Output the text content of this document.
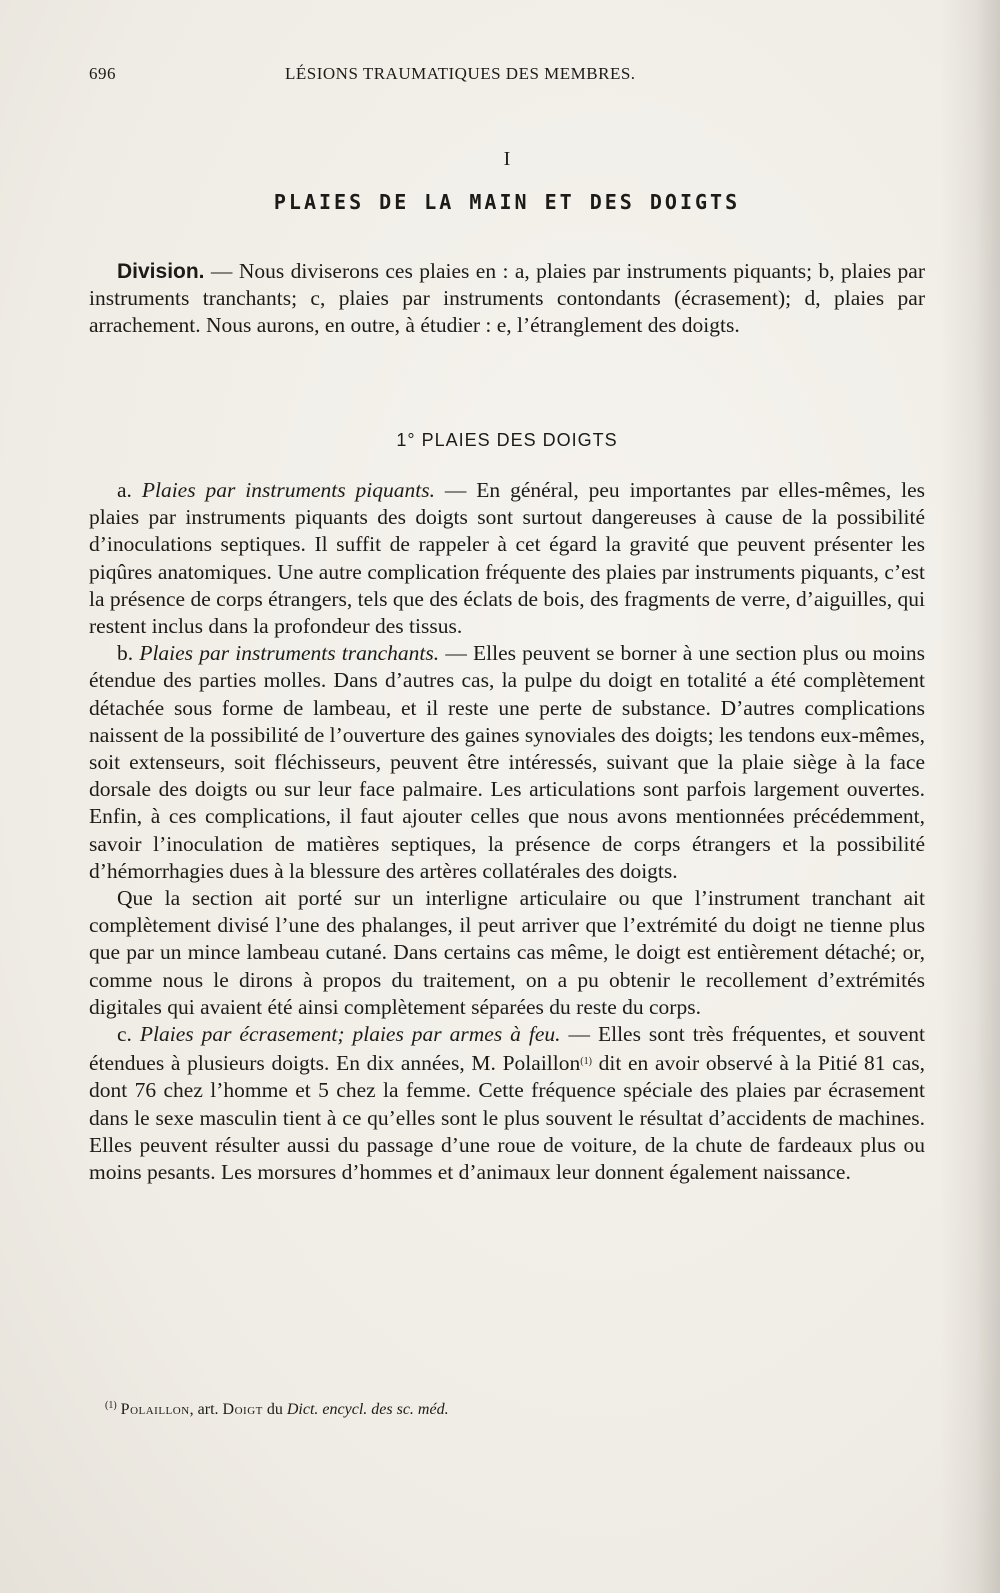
696	LÉSIONS TRAUMATIQUES DES MEMBRES.
I
PLAIES DE LA MAIN ET DES DOIGTS

Division. — Nous diviserons ces plaies en : a, plaies par instruments piquants; b, plaies par instruments tranchants; c, plaies par instruments contondants (écrasement); d, plaies par arrachement. Nous aurons, en outre, à étudier : e, l’étranglement des doigts.

1° PLAIES DES DOIGTS

a. Plaies par instruments piquants. — En général, peu importantes par elles-mêmes, les plaies par instruments piquants des doigts sont surtout dangereuses à cause de la possibilité d’inoculations septiques. Il suffit de rappeler à cet égard la gravité que peuvent présenter les piqûres anatomiques. Une autre complication fréquente des plaies par instruments piquants, c’est la présence de corps étrangers, tels que des éclats de bois, des fragments de verre, d’aiguilles, qui restent inclus dans la profondeur des tissus.

b. Plaies par instruments tranchants. — Elles peuvent se borner à une section plus ou moins étendue des parties molles. Dans d’autres cas, la pulpe du doigt en totalité a été complètement détachée sous forme de lambeau, et il reste une perte de substance. D’autres complications naissent de la possibilité de l’ouverture des gaines synoviales des doigts; les tendons eux-mêmes, soit extenseurs, soit fléchisseurs, peuvent être intéressés, suivant que la plaie siège à la face dorsale des doigts ou sur leur face palmaire. Les articulations sont parfois largement ouvertes. Enfin, à ces complications, il faut ajouter celles que nous avons mentionnées précédemment, savoir l’inoculation de matières septiques, la présence de corps étrangers et la possibilité d’hémorrhagies dues à la blessure des artères collatérales des doigts.

Que la section ait porté sur un interligne articulaire ou que l’instrument tranchant ait complètement divisé l’une des phalanges, il peut arriver que l’extrémité du doigt ne tienne plus que par un mince lambeau cutané. Dans certains cas même, le doigt est entièrement détaché; or, comme nous le dirons à propos du traitement, on a pu obtenir le recollement d’extrémités digitales qui avaient été ainsi complètement séparées du reste du corps.

c. Plaies par écrasement; plaies par armes à feu. — Elles sont très fréquentes, et souvent étendues à plusieurs doigts. En dix années, M. Polaillon$^{(1)}$ dit en avoir observé à la Pitié 81 cas, dont 76 chez l’homme et 5 chez la femme. Cette fréquence spéciale des plaies par écrasement dans le sexe masculin tient à ce qu’elles sont le plus souvent le résultat d’accidents de machines. Elles peuvent résulter aussi du passage d’une roue de voiture, de la chute de fardeaux plus ou moins pesants. Les morsures d’hommes et d’animaux leur donnent également naissance.

$^{(1)}$ Polaillon, art. Doigt du Dict. encycl. des sc. méd.
